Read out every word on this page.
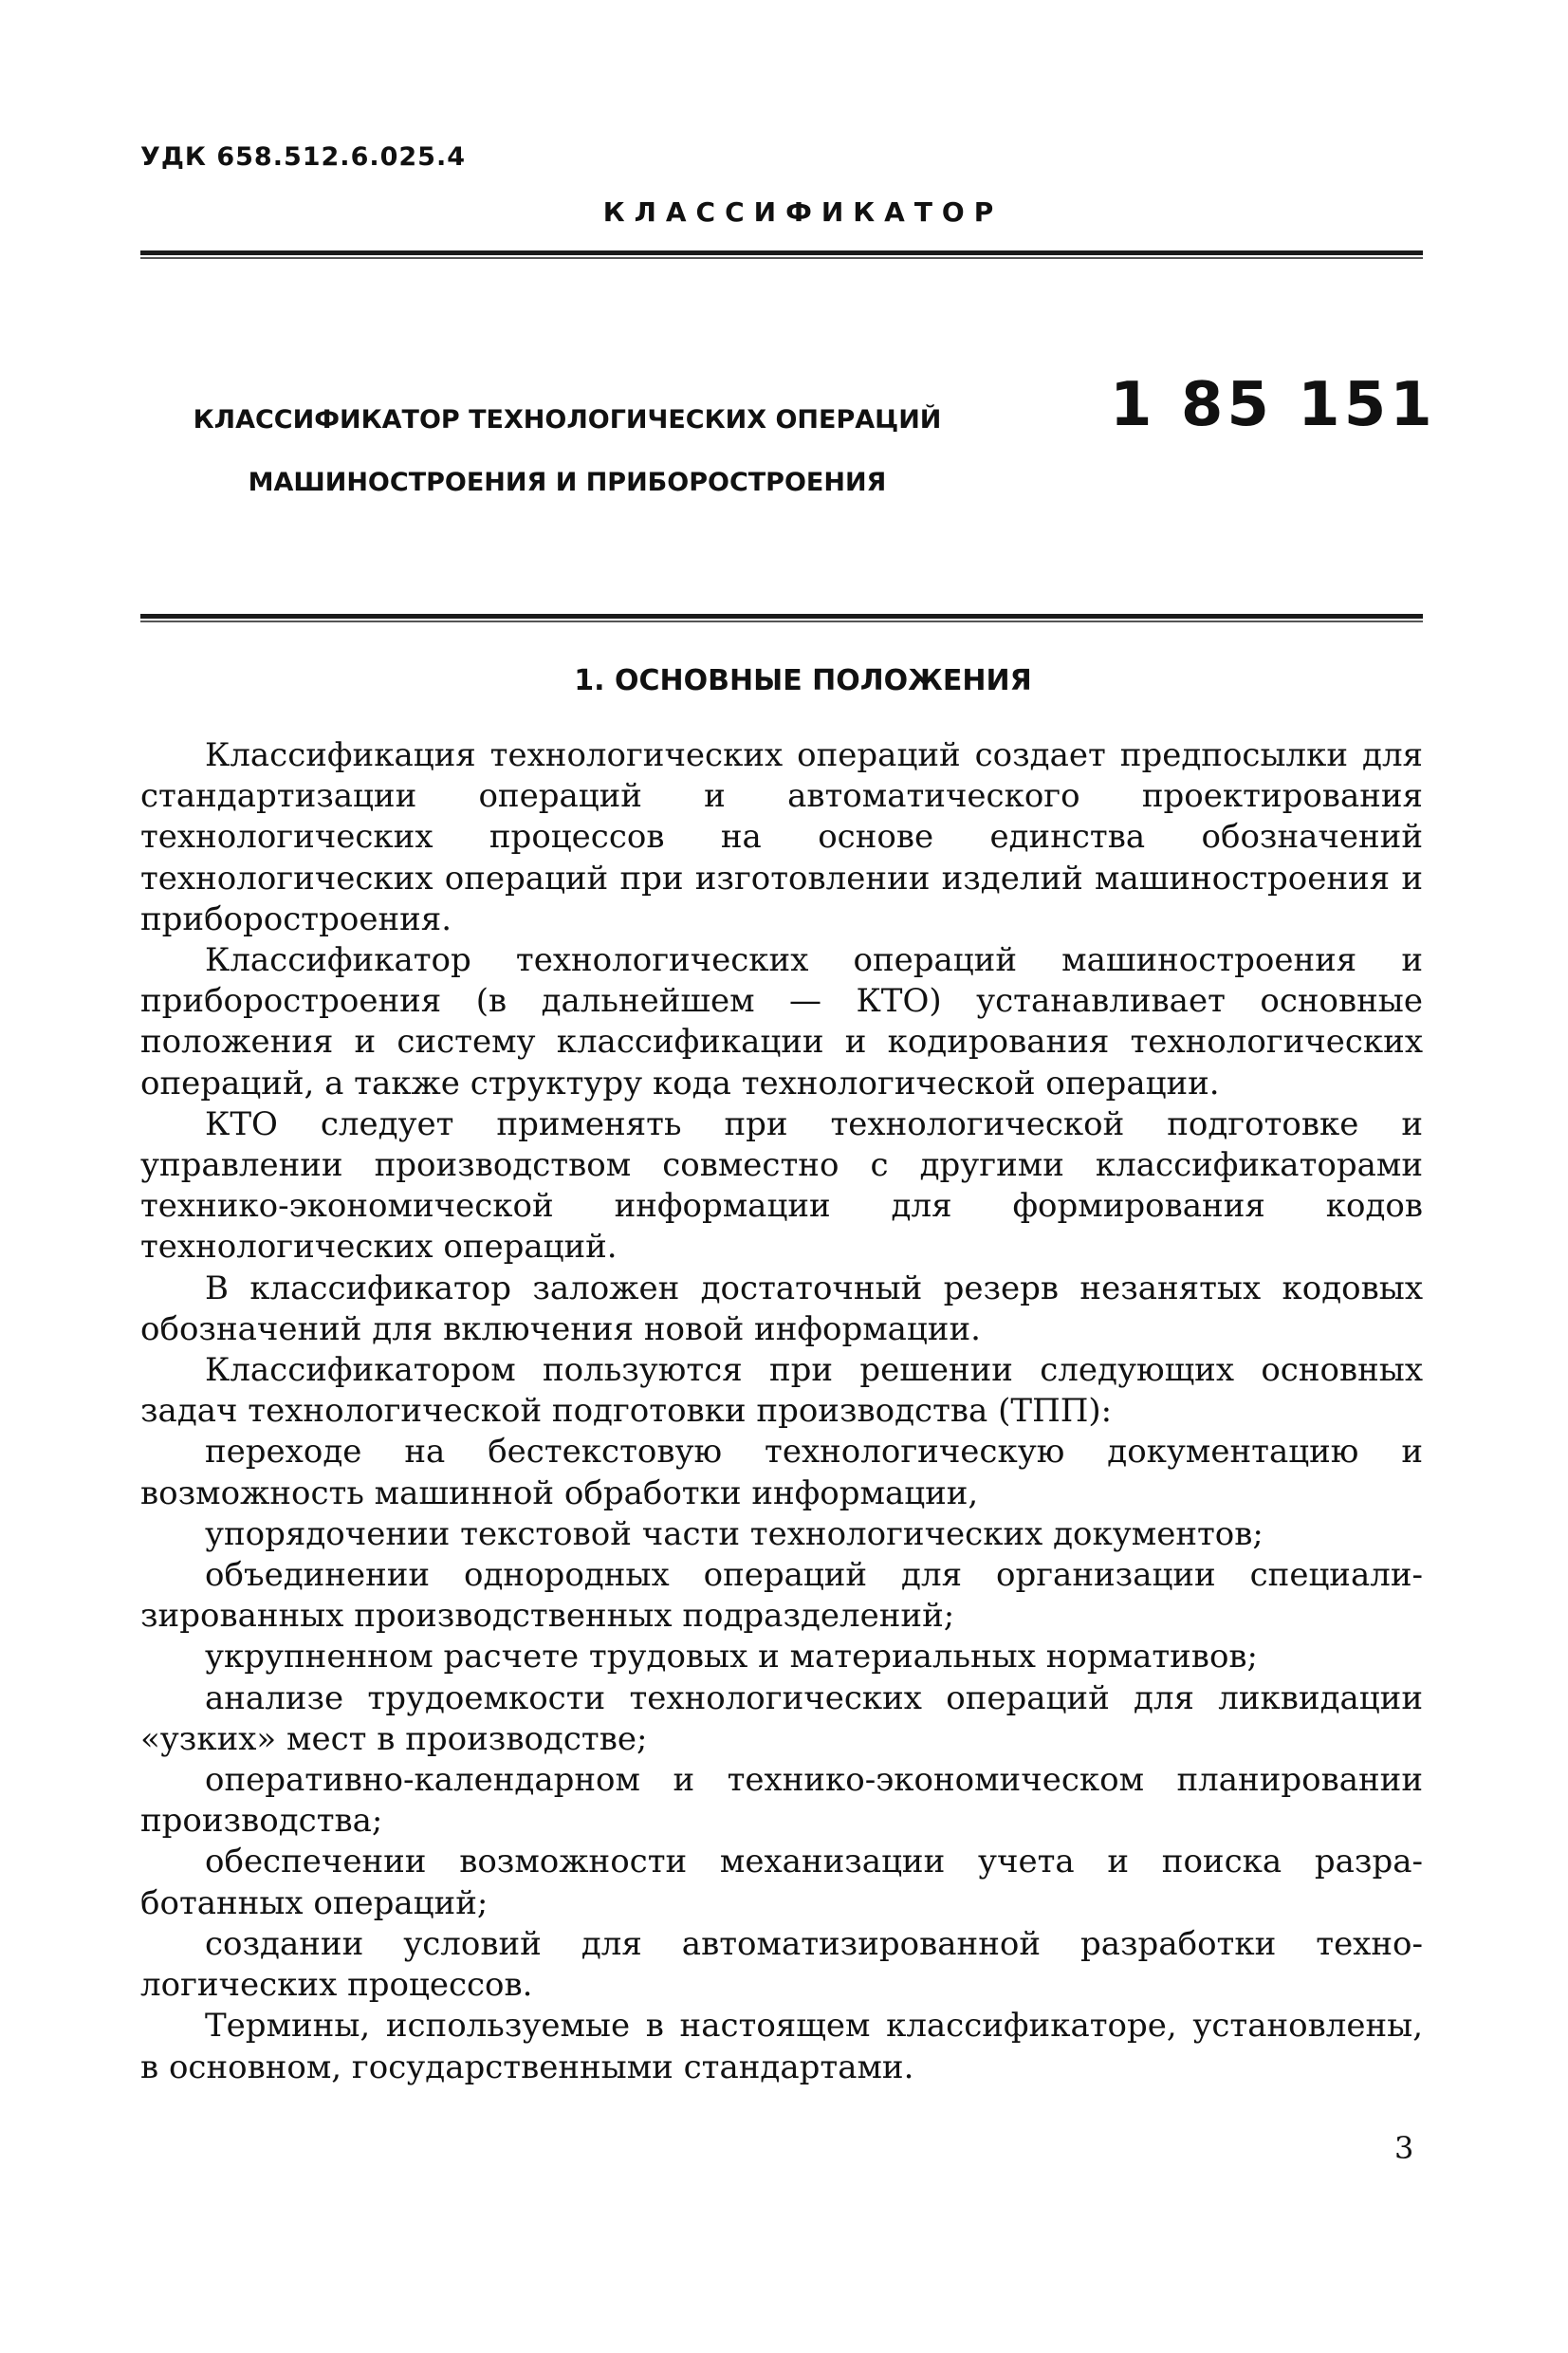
УДК 658.512.6.025.4
КЛАССИФИКАТОР
КЛАССИФИКАТОР ТЕХНОЛОГИЧЕСКИХ ОПЕРАЦИЙ
МАШИНОСТРОЕНИЯ И ПРИБОРОСТРОЕНИЯ
1 85 151
1. ОСНОВНЫЕ ПОЛОЖЕНИЯ

Классификация технологических операций создает предпосылки для стандартизации операций и автоматического проектирования технологических процессов на основе единства обозначений технологических операций при изготовлении изделий машиностроения и приборостроения.

Классификатор технологических операций машиностроения и приборостроения (в дальнейшем — КТО) устанавливает основные положения и систему классификации и кодирования технологических операций, а также структуру кода технологической операции.

КТО следует применять при технологической подготовке и управлении производством совместно с другими классификаторами технико-экономической информации для формирования кодов технологических операций.

В классификатор заложен достаточный резерв незанятых кодовых обозначений для включения новой информации.

Классификатором пользуются при решении следующих основных задач технологической подготовки производства (ТПП):

переходе на бестекстовую технологическую документацию и возможность машинной обработки информации,

упорядочении текстовой части технологических документов;

объединении однородных операций для организации специализированных производственных подразделений;

укрупненном расчете трудовых и материальных нормативов;

анализе трудоемкости технологических операций для ликвидации «узких» мест в производстве;

оперативно-календарном и технико-экономическом планировании производства;

обеспечении возможности механизации учета и поиска разработанных операций;

создании условий для автоматизированной разработки технологических процессов.

Термины, используемые в настоящем классификаторе, установлены, в основном, государственными стандартами.

3
